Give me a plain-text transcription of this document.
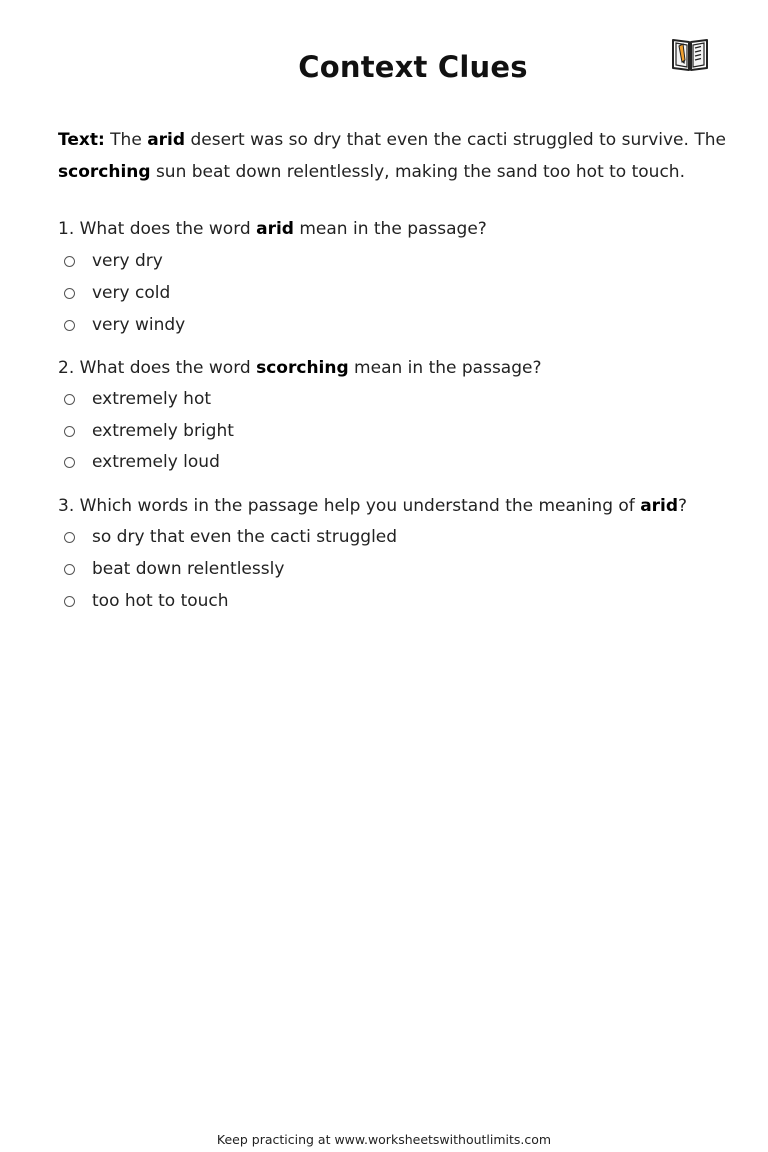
Context Clues
Text: The arid desert was so dry that even the cacti struggled to survive. The scorching sun beat down relentlessly, making the sand too hot to touch.
1. What does the word arid mean in the passage?
very dry
very cold
very windy
2. What does the word scorching mean in the passage?
extremely hot
extremely bright
extremely loud
3. Which words in the passage help you understand the meaning of arid?
so dry that even the cacti struggled
beat down relentlessly
too hot to touch
Keep practicing at www.worksheetswithoutlimits.com
